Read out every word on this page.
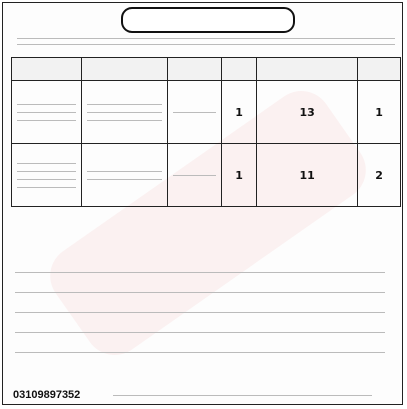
	1	13	1

	1	11	2
03109897352
